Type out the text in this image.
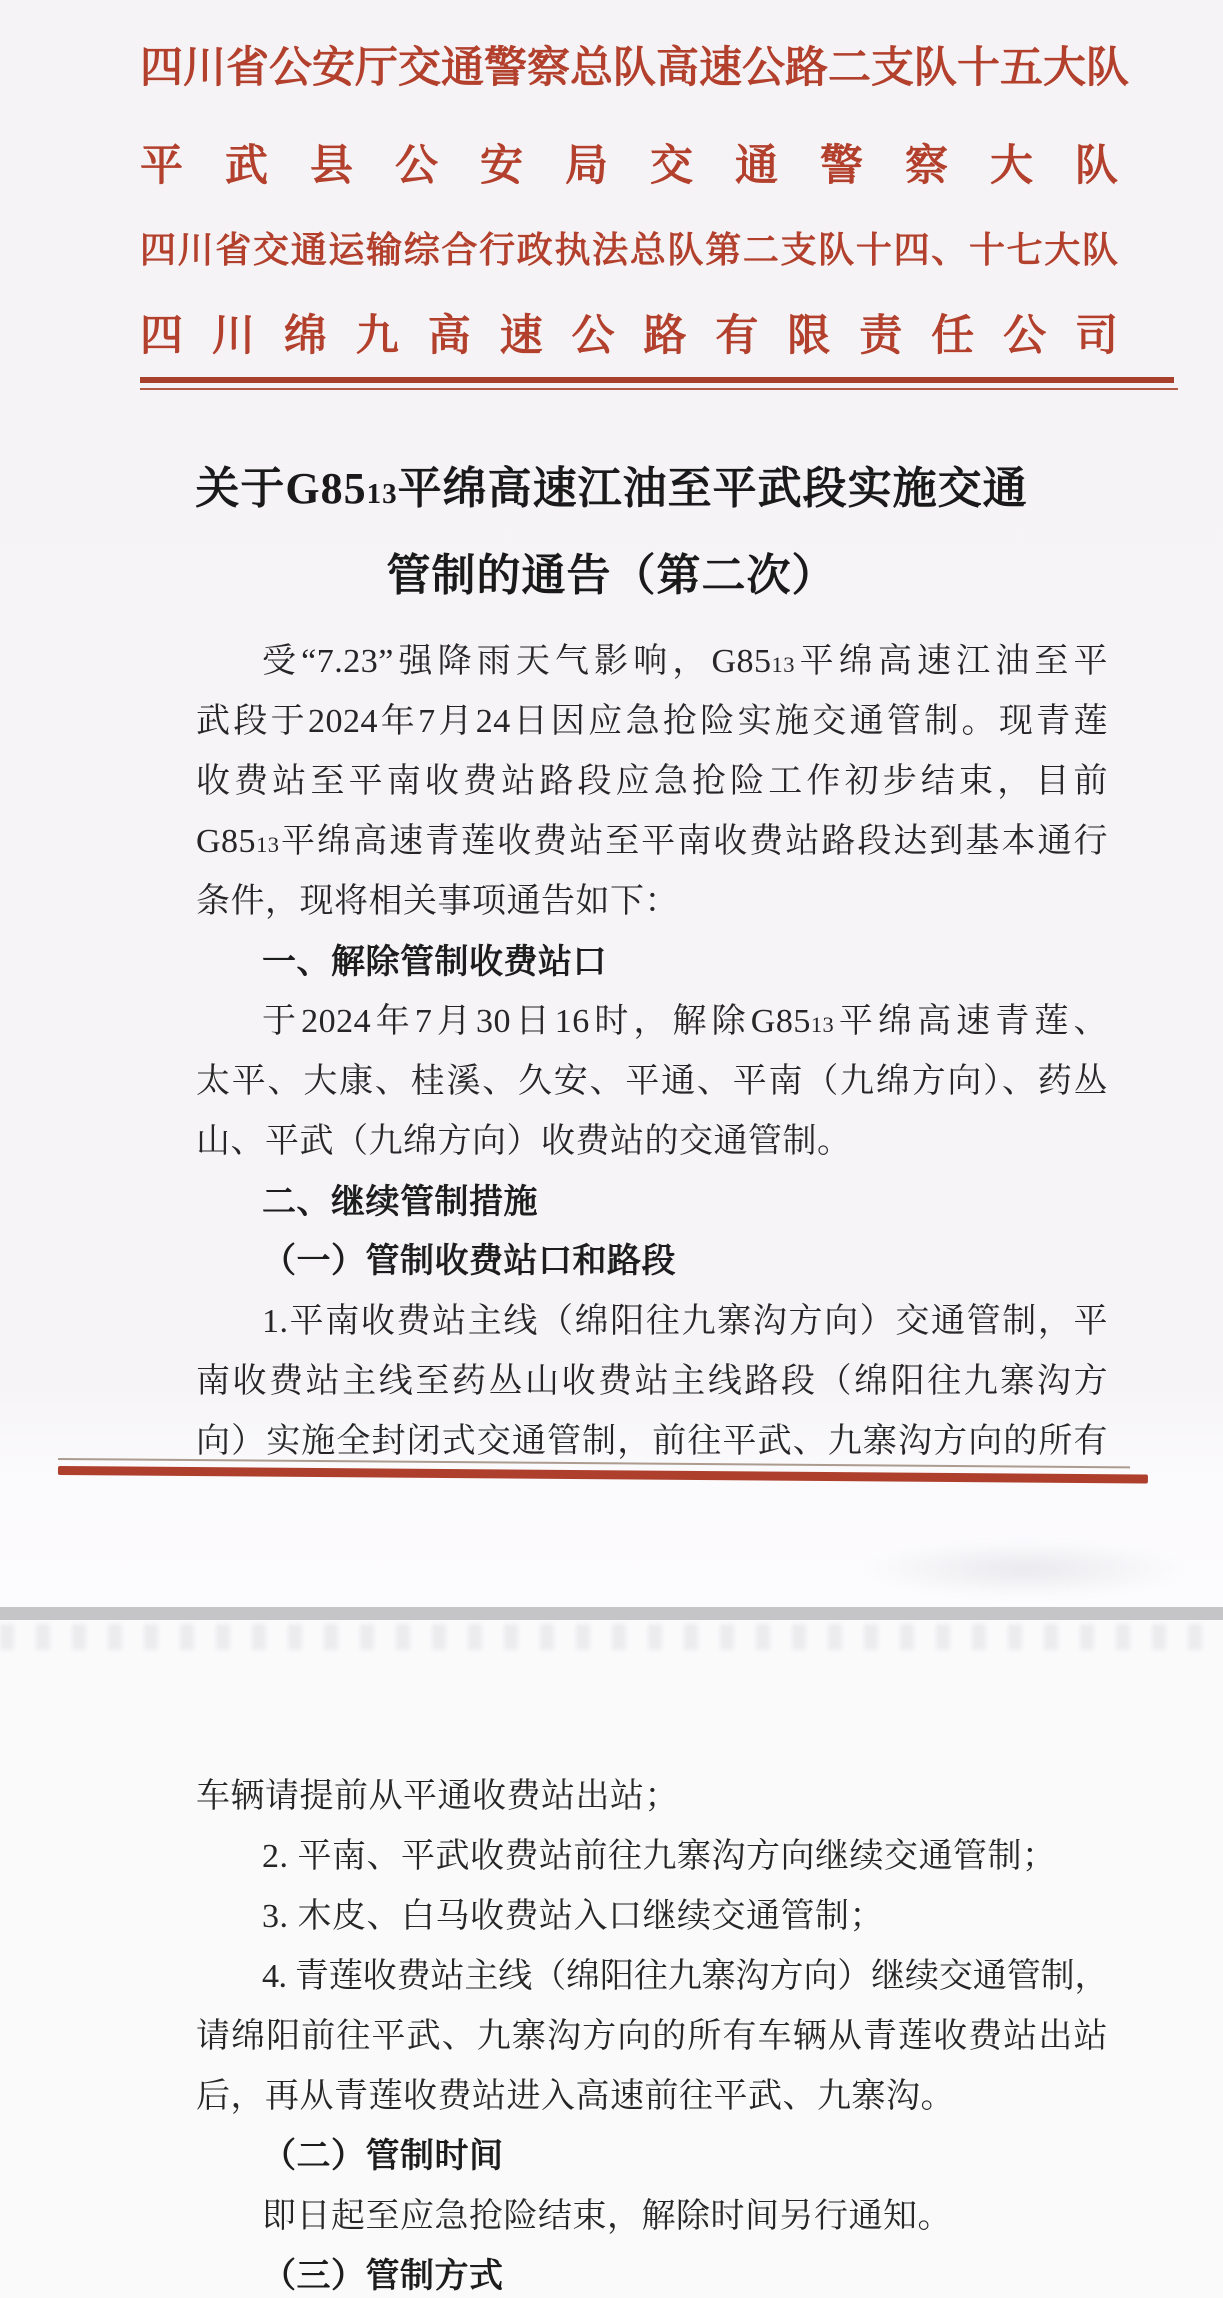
四川省公安厅交通警察总队高速公路二支队十五大队
平武县公安局交通警察大队
四川省交通运输综合行政执法总队第二支队十四、十七大队
四川绵九高速公路有限责任公司
关于G8513平绵高速江油至平武段实施交通
管制的通告（第二次）
受“7.23”强降雨天气影响，G8513平绵高速江油至平
武段于2024年7月24日因应急抢险实施交通管制。现青莲
收费站至平南收费站路段应急抢险工作初步结束，目前
G8513平绵高速青莲收费站至平南收费站路段达到基本通行
条件，现将相关事项通告如下：
一、解除管制收费站口
于2024年7月30日16时，解除G8513平绵高速青莲、
太平、大康、桂溪、久安、平通、平南（九绵方向）、药丛
山、平武（九绵方向）收费站的交通管制。
二、继续管制措施
（一）管制收费站口和路段
1.平南收费站主线（绵阳往九寨沟方向）交通管制，平
南收费站主线至药丛山收费站主线路段（绵阳往九寨沟方
向）实施全封闭式交通管制，前往平武、九寨沟方向的所有
车辆请提前从平通收费站出站；
2. 平南、平武收费站前往九寨沟方向继续交通管制；
3. 木皮、白马收费站入口继续交通管制；
4. 青莲收费站主线（绵阳往九寨沟方向）继续交通管制，
请绵阳前往平武、九寨沟方向的所有车辆从青莲收费站出站
后，再从青莲收费站进入高速前往平武、九寨沟。
（二）管制时间
即日起至应急抢险结束，解除时间另行通知。
（三）管制方式
